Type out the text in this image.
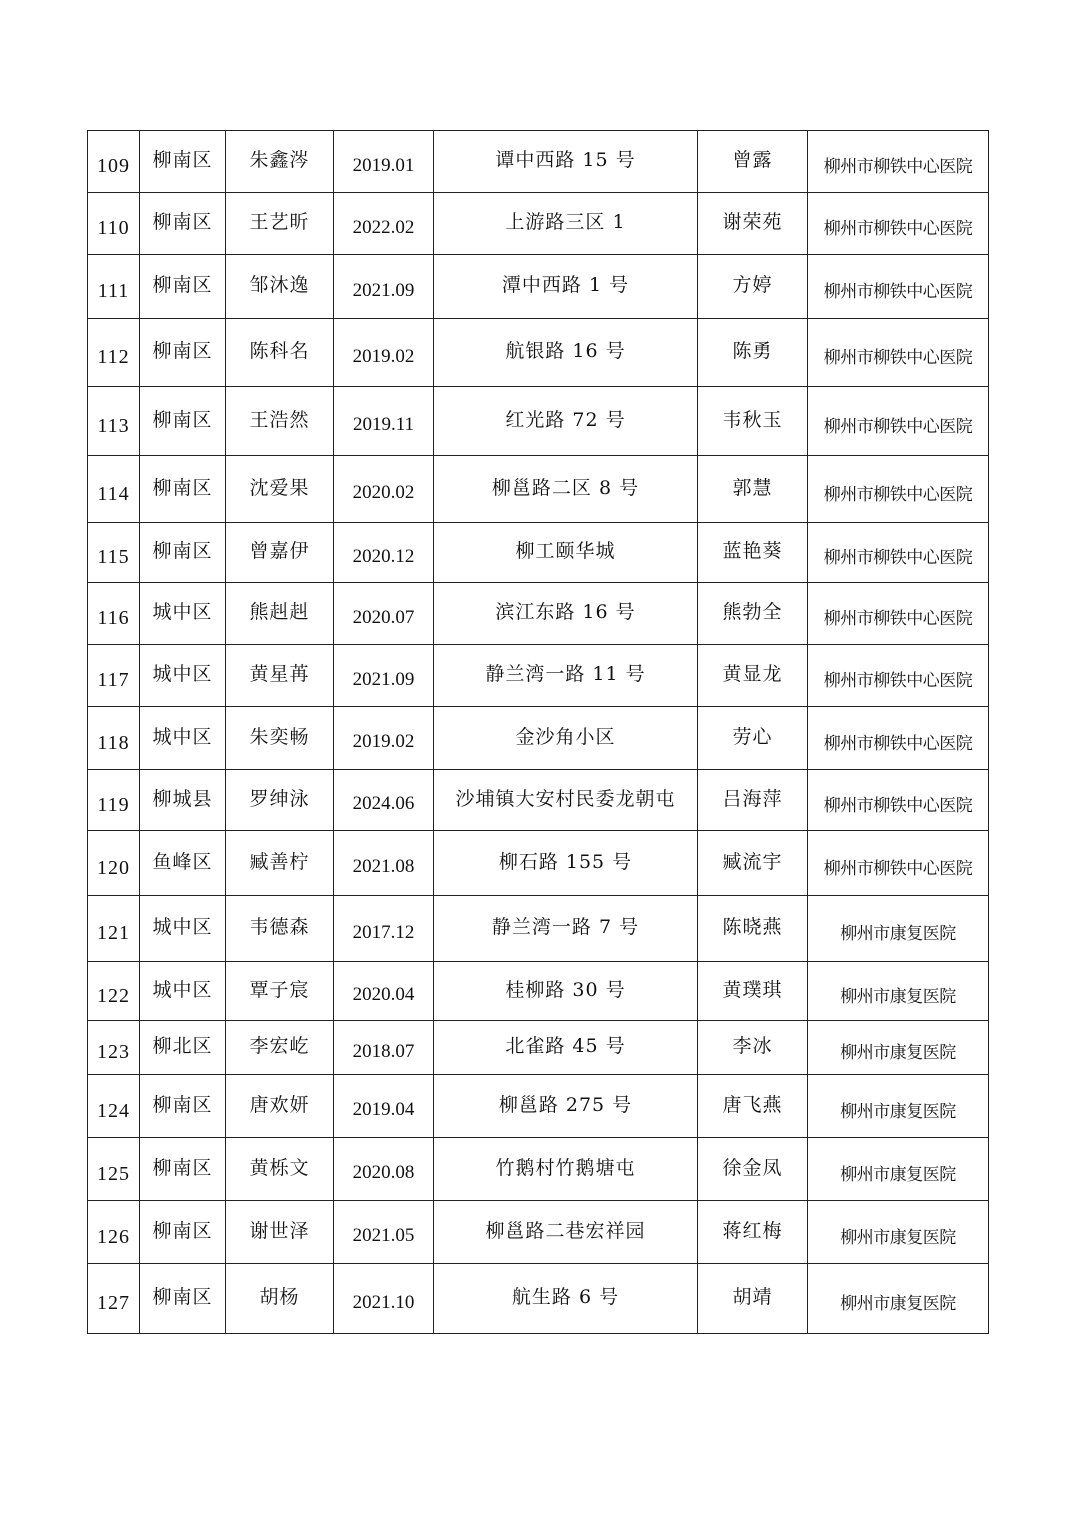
109	柳南区	朱鑫涔	2019.01	谭中西路 15 号	曾露	柳州市柳铁中心医院
110	柳南区	王艺昕	2022.02	上游路三区 1	谢荣苑	柳州市柳铁中心医院
111	柳南区	邹沐逸	2021.09	潭中西路 1 号	方婷	柳州市柳铁中心医院
112	柳南区	陈科名	2019.02	航银路 16 号	陈勇	柳州市柳铁中心医院
113	柳南区	王浩然	2019.11	红光路 72 号	韦秋玉	柳州市柳铁中心医院
114	柳南区	沈爱果	2020.02	柳邕路二区 8 号	郭慧	柳州市柳铁中心医院
115	柳南区	曾嘉伊	2020.12	柳工颐华城	蓝艳葵	柳州市柳铁中心医院
116	城中区	熊赳赳	2020.07	滨江东路 16 号	熊勃全	柳州市柳铁中心医院
117	城中区	黄星苒	2021.09	静兰湾一路 11 号	黄显龙	柳州市柳铁中心医院
118	城中区	朱奕畅	2019.02	金沙角小区	劳心	柳州市柳铁中心医院
119	柳城县	罗绅泳	2024.06	沙埔镇大安村民委龙朝屯	吕海萍	柳州市柳铁中心医院
120	鱼峰区	臧善柠	2021.08	柳石路 155 号	臧流宇	柳州市柳铁中心医院
121	城中区	韦德森	2017.12	静兰湾一路 7 号	陈晓燕	柳州市康复医院
122	城中区	覃子宸	2020.04	桂柳路 30 号	黄璞琪	柳州市康复医院
123	柳北区	李宏屹	2018.07	北雀路 45 号	李冰	柳州市康复医院
124	柳南区	唐欢妍	2019.04	柳邕路 275 号	唐飞燕	柳州市康复医院
125	柳南区	黄栎文	2020.08	竹鹅村竹鹅塘屯	徐金凤	柳州市康复医院
126	柳南区	谢世泽	2021.05	柳邕路二巷宏祥园	蒋红梅	柳州市康复医院
127	柳南区	胡杨	2021.10	航生路 6 号	胡靖	柳州市康复医院
